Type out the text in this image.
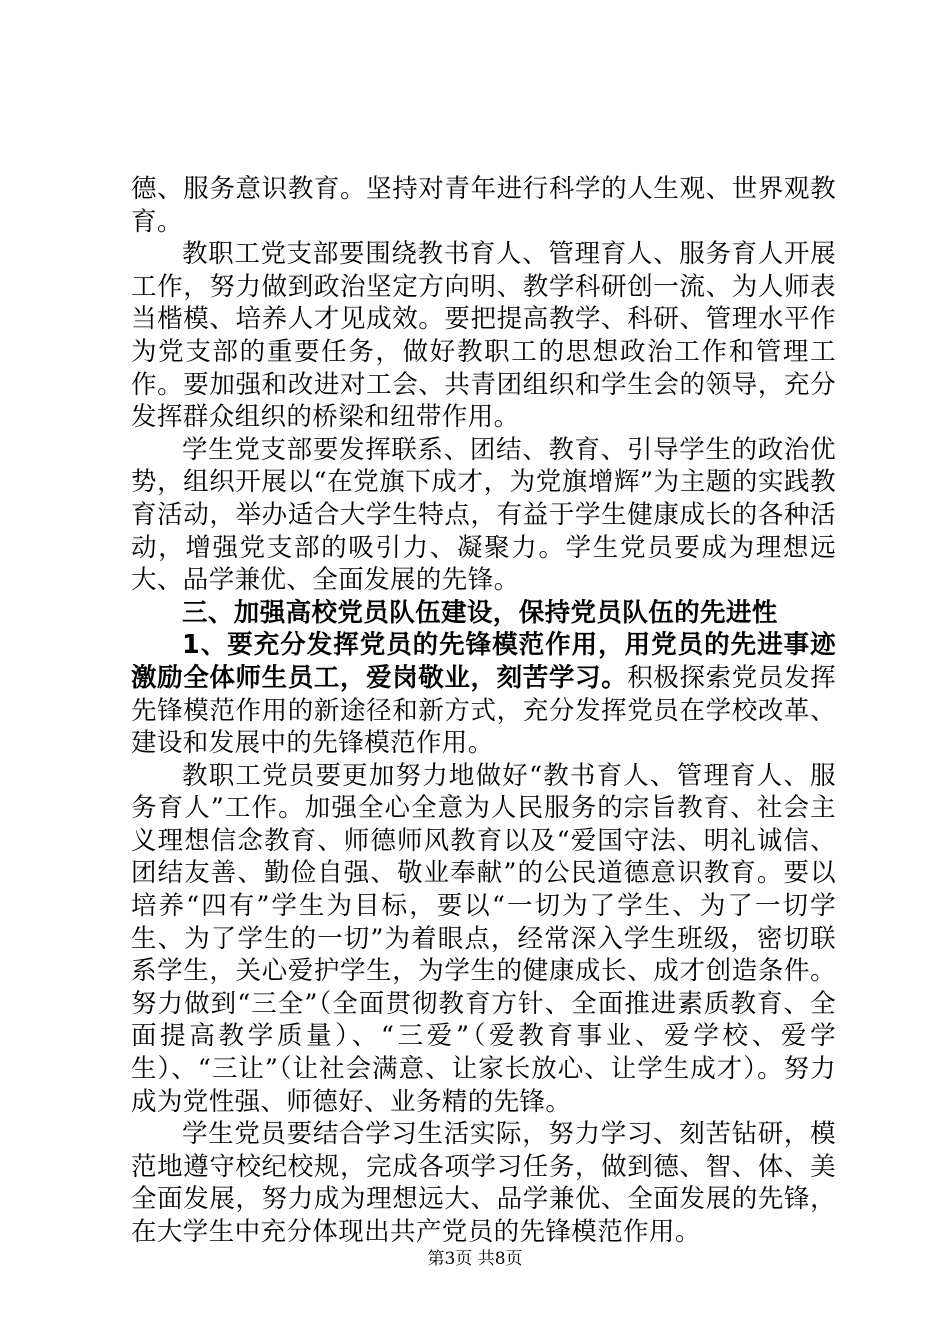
德、服务意识教育。坚持对青年进行科学的人生观、世界观教育。

教职工党支部要围绕教书育人、管理育人、服务育人开展工作，努力做到政治坚定方向明、教学科研创一流、为人师表当楷模、培养人才见成效。要把提高教学、科研、管理水平作为党支部的重要任务，做好教职工的思想政治工作和管理工作。要加强和改进对工会、共青团组织和学生会的领导，充分发挥群众组织的桥梁和纽带作用。

学生党支部要发挥联系、团结、教育、引导学生的政治优势，组织开展以“在党旗下成才，为党旗增辉”为主题的实践教育活动，举办适合大学生特点，有益于学生健康成长的各种活动，增强党支部的吸引力、凝聚力。学生党员要成为理想远大、品学兼优、全面发展的先锋。

三、加强高校党员队伍建设，保持党员队伍的先进性

1、要充分发挥党员的先锋模范作用，用党员的先进事迹激励全体师生员工，爱岗敬业，刻苦学习。积极探索党员发挥先锋模范作用的新途径和新方式，充分发挥党员在学校改革、建设和发展中的先锋模范作用。

教职工党员要更加努力地做好“教书育人、管理育人、服务育人”工作。加强全心全意为人民服务的宗旨教育、社会主义理想信念教育、师德师风教育以及“爱国守法、明礼诚信、团结友善、勤俭自强、敬业奉献”的公民道德意识教育。要以培养“四有”学生为目标，要以“一切为了学生、为了一切学生、为了学生的一切”为着眼点，经常深入学生班级，密切联系学生，关心爱护学生，为学生的健康成长、成才创造条件。努力做到“三全”（全面贯彻教育方针、全面推进素质教育、全面提高教学质量）、“三爱”（爱教育事业、爱学校、爱学生）、“三让”（让社会满意、让家长放心、让学生成才）。努力成为党性强、师德好、业务精的先锋。

学生党员要结合学习生活实际，努力学习、刻苦钻研，模范地遵守校纪校规，完成各项学习任务，做到德、智、体、美全面发展，努力成为理想远大、品学兼优、全面发展的先锋，在大学生中充分体现出共产党员的先锋模范作用。

第3页 共8页
